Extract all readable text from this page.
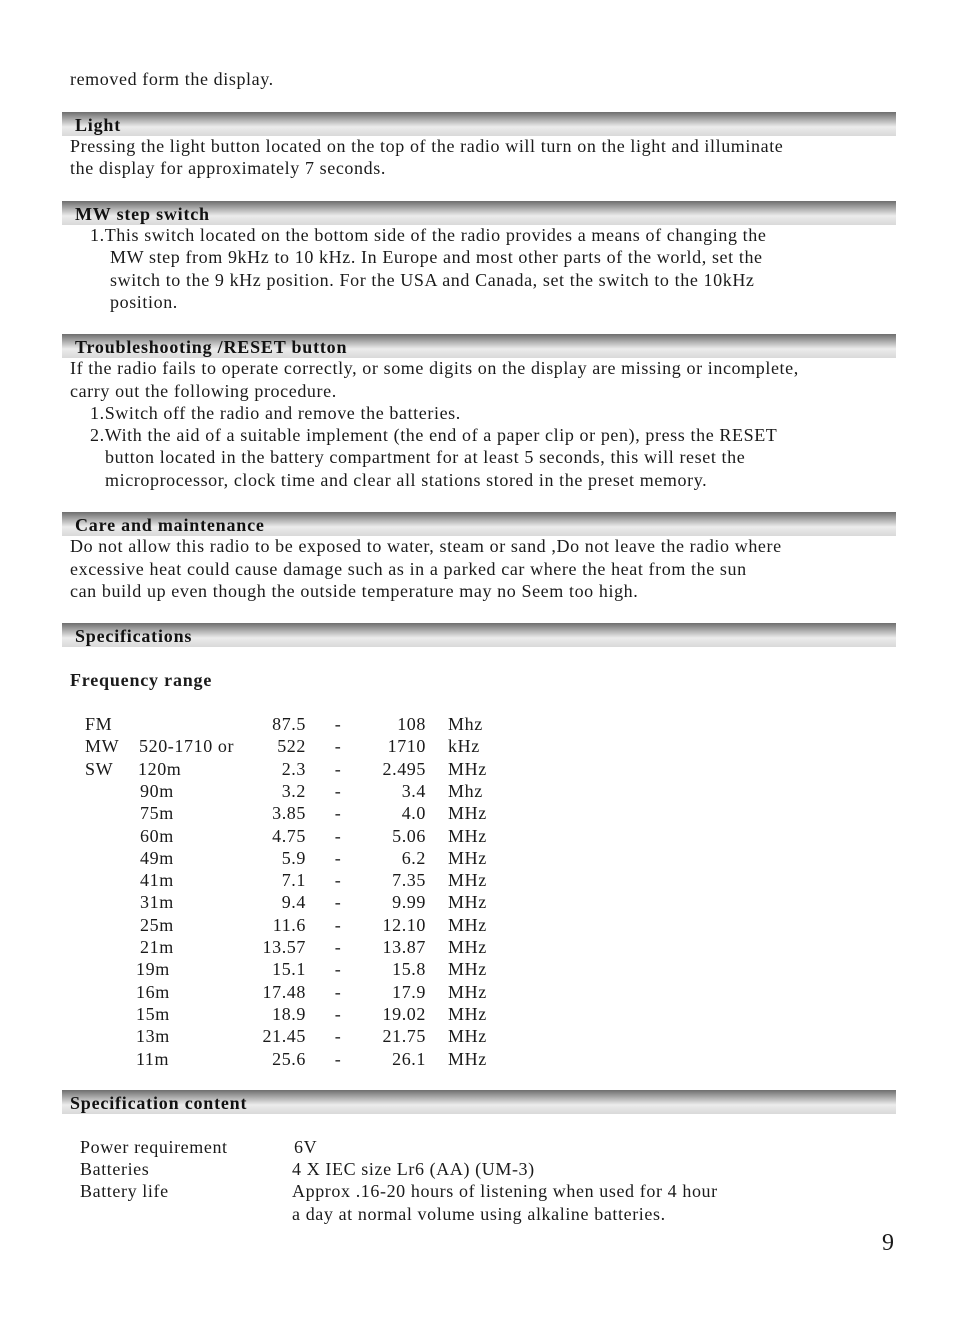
removed form the display.
Light
Pressing the light button located on the top of the radio will turn on the light and illuminate
the display for approximately 7 seconds.
MW step switch
1.This switch located on the bottom side of the radio provides a means of changing the
MW step from 9kHz to 10 kHz. In Europe and most other parts of the world, set the
switch to the 9 kHz position. For the USA and Canada, set the switch to the 10kHz
position.
Troubleshooting /RESET button
If the radio fails to operate correctly, or some digits on the display are missing or incomplete,
carry out the following procedure.
1.Switch off the radio and remove the batteries.
2.With the aid of a suitable implement (the end of a paper clip or pen), press the RESET
button located in the battery compartment for at least 5 seconds, this will reset the
microprocessor, clock time and clear all stations stored in the preset memory.
Care and maintenance
Do not allow this radio to be exposed to water, steam or sand ,Do not leave the radio where
excessive heat could cause damage such as in a parked car where the heat from the sun
can build up even though the outside temperature may no Seem too high.
Specifications
Frequency range
FM	87.5	-	108 Mhz
MW 520-1710 or	522	-	1710 kHz
SW 120m	2.3	-	2.495 MHz
90m	3.2	-	3.4 Mhz
75m	3.85	-	4.0 MHz
60m	4.75	-	5.06 MHz
49m	5.9	-	6.2 MHz
41m	7.1	-	7.35 MHz
31m	9.4	-	9.99 MHz
25m	11.6	-	12.10 MHz
21m	13.57	-	13.87 MHz
19m	15.1	-	15.8 MHz
16m	17.48	-	17.9 MHz
15m	18.9	-	19.02 MHz
13m	21.45	-	21.75 MHz
11m	25.6	-	26.1 MHz
Specification content
Power requirement	6V
Batteries	4 X IEC size Lr6 (AA) (UM-3)
Battery life	Approx .16-20 hours of listening when used for 4 hour
a day at normal volume using alkaline batteries.
9
